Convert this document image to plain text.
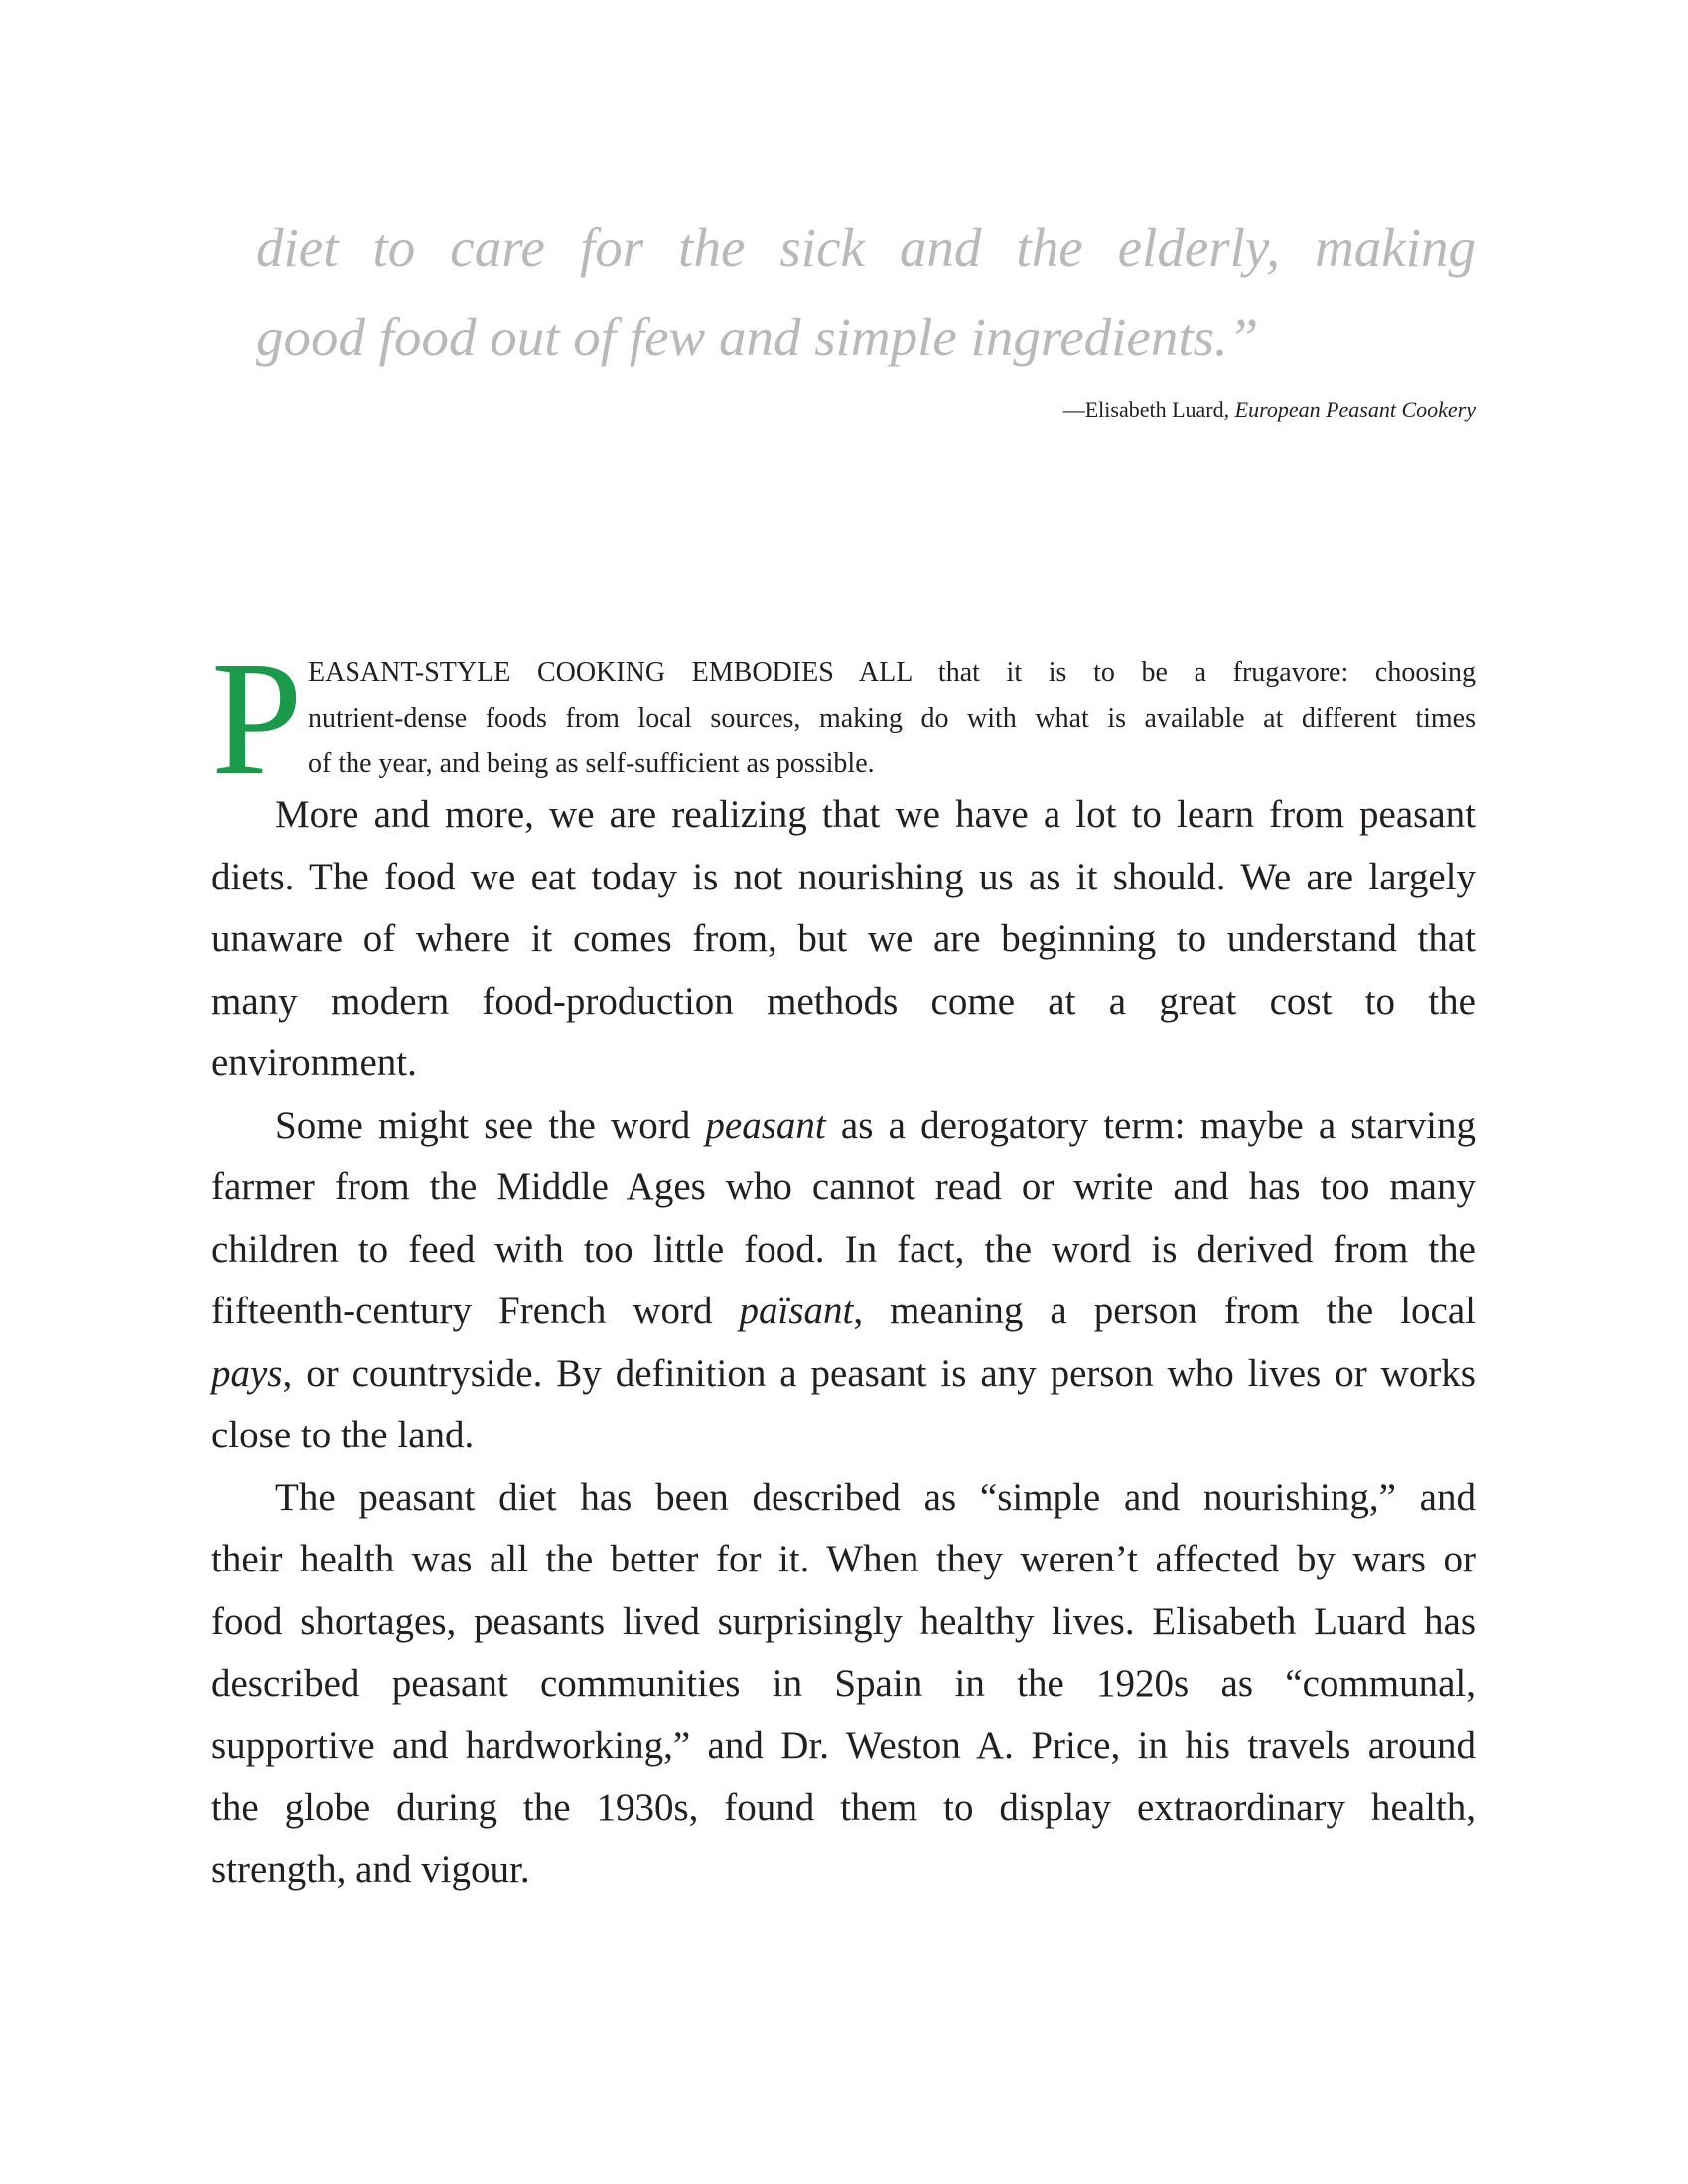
diet to care for the sick and the elderly, making
good food out of few and simple ingredients.”
—Elisabeth Luard, European Peasant Cookery
P EASANT-STYLE COOKING EMBODIES ALL that it is to be a frugavore: choosing
nutrient-dense foods from local sources, making do with what is available at different times
of the year, and being as self-sufficient as possible.
More and more, we are realizing that we have a lot to learn from peasant
diets. The food we eat today is not nourishing us as it should. We are largely
unaware of where it comes from, but we are beginning to understand that
many modern food-production methods come at a great cost to the
environment.
Some might see the word peasant as a derogatory term: maybe a starving
farmer from the Middle Ages who cannot read or write and has too many
children to feed with too little food. In fact, the word is derived from the
fifteenth-century French word païsant, meaning a person from the local
pays, or countryside. By definition a peasant is any person who lives or works
close to the land.
The peasant diet has been described as “simple and nourishing,” and
their health was all the better for it. When they weren’t affected by wars or
food shortages, peasants lived surprisingly healthy lives. Elisabeth Luard has
described peasant communities in Spain in the 1920s as “communal,
supportive and hardworking,” and Dr. Weston A. Price, in his travels around
the globe during the 1930s, found them to display extraordinary health,
strength, and vigour.
